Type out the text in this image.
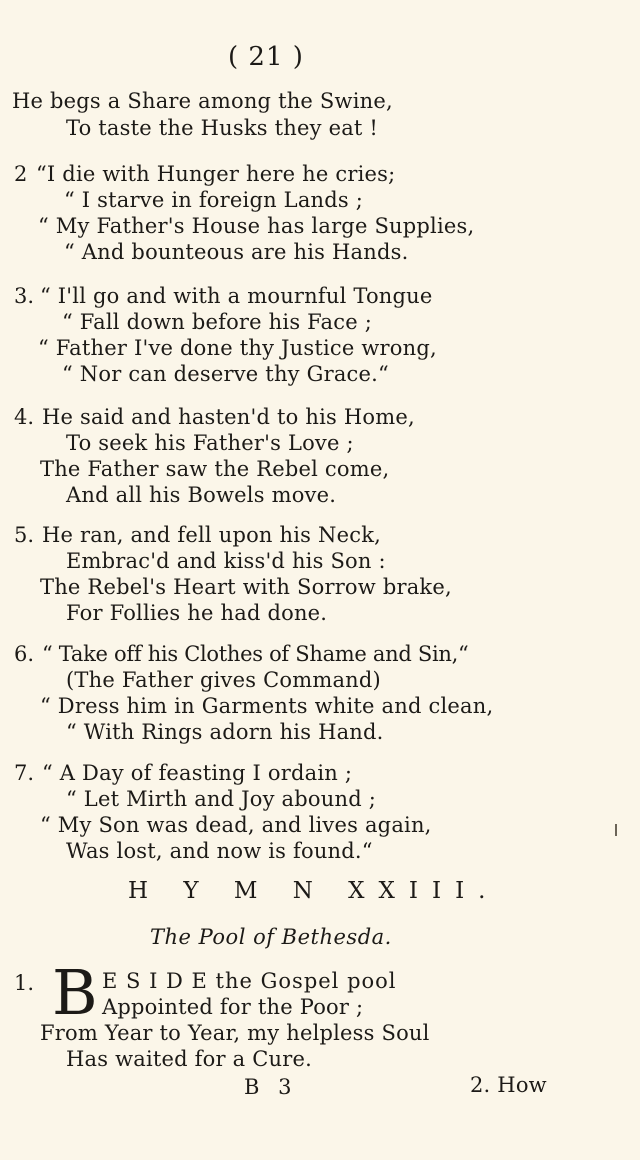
( 21 )
He begs a Share among the Swine,
To taste the Husks they eat !
2 “I die with Hunger here he cries;
“ I starve in foreign Lands ;
“ My Father's House has large Supplies,
“ And bounteous are his Hands.
3. “ I'll go and with a mournful Tongue
“ Fall down before his Face ;
“ Father I've done thy Justice wrong,
“ Nor can deserve thy Grace.“
4. He said and hasten'd to his Home,
To seek his Father's Love ;
The Father saw the Rebel come,
And all his Bowels move.
5. He ran, and fell upon his Neck,
Embrac'd and kiss'd his Son :
The Rebel's Heart with Sorrow brake,
For Follies he had done.
6. “ Take off his Clothes of Shame and Sin,“
(The Father gives Command)
“ Dress him in Garments white and clean,
“ With Rings adorn his Hand.
7. “ A Day of feasting I ordain ;
“ Let Mirth and Joy abound ;
“ My Son was dead, and lives again,
Was lost, and now is found.“
H Y M N XXIII.
The Pool of Bethesda.
1. B E S I D E the Gospel pool
Appointed for the Poor ;
From Year to Year, my helpless Soul
Has waited for a Cure.
B 3	2. How
